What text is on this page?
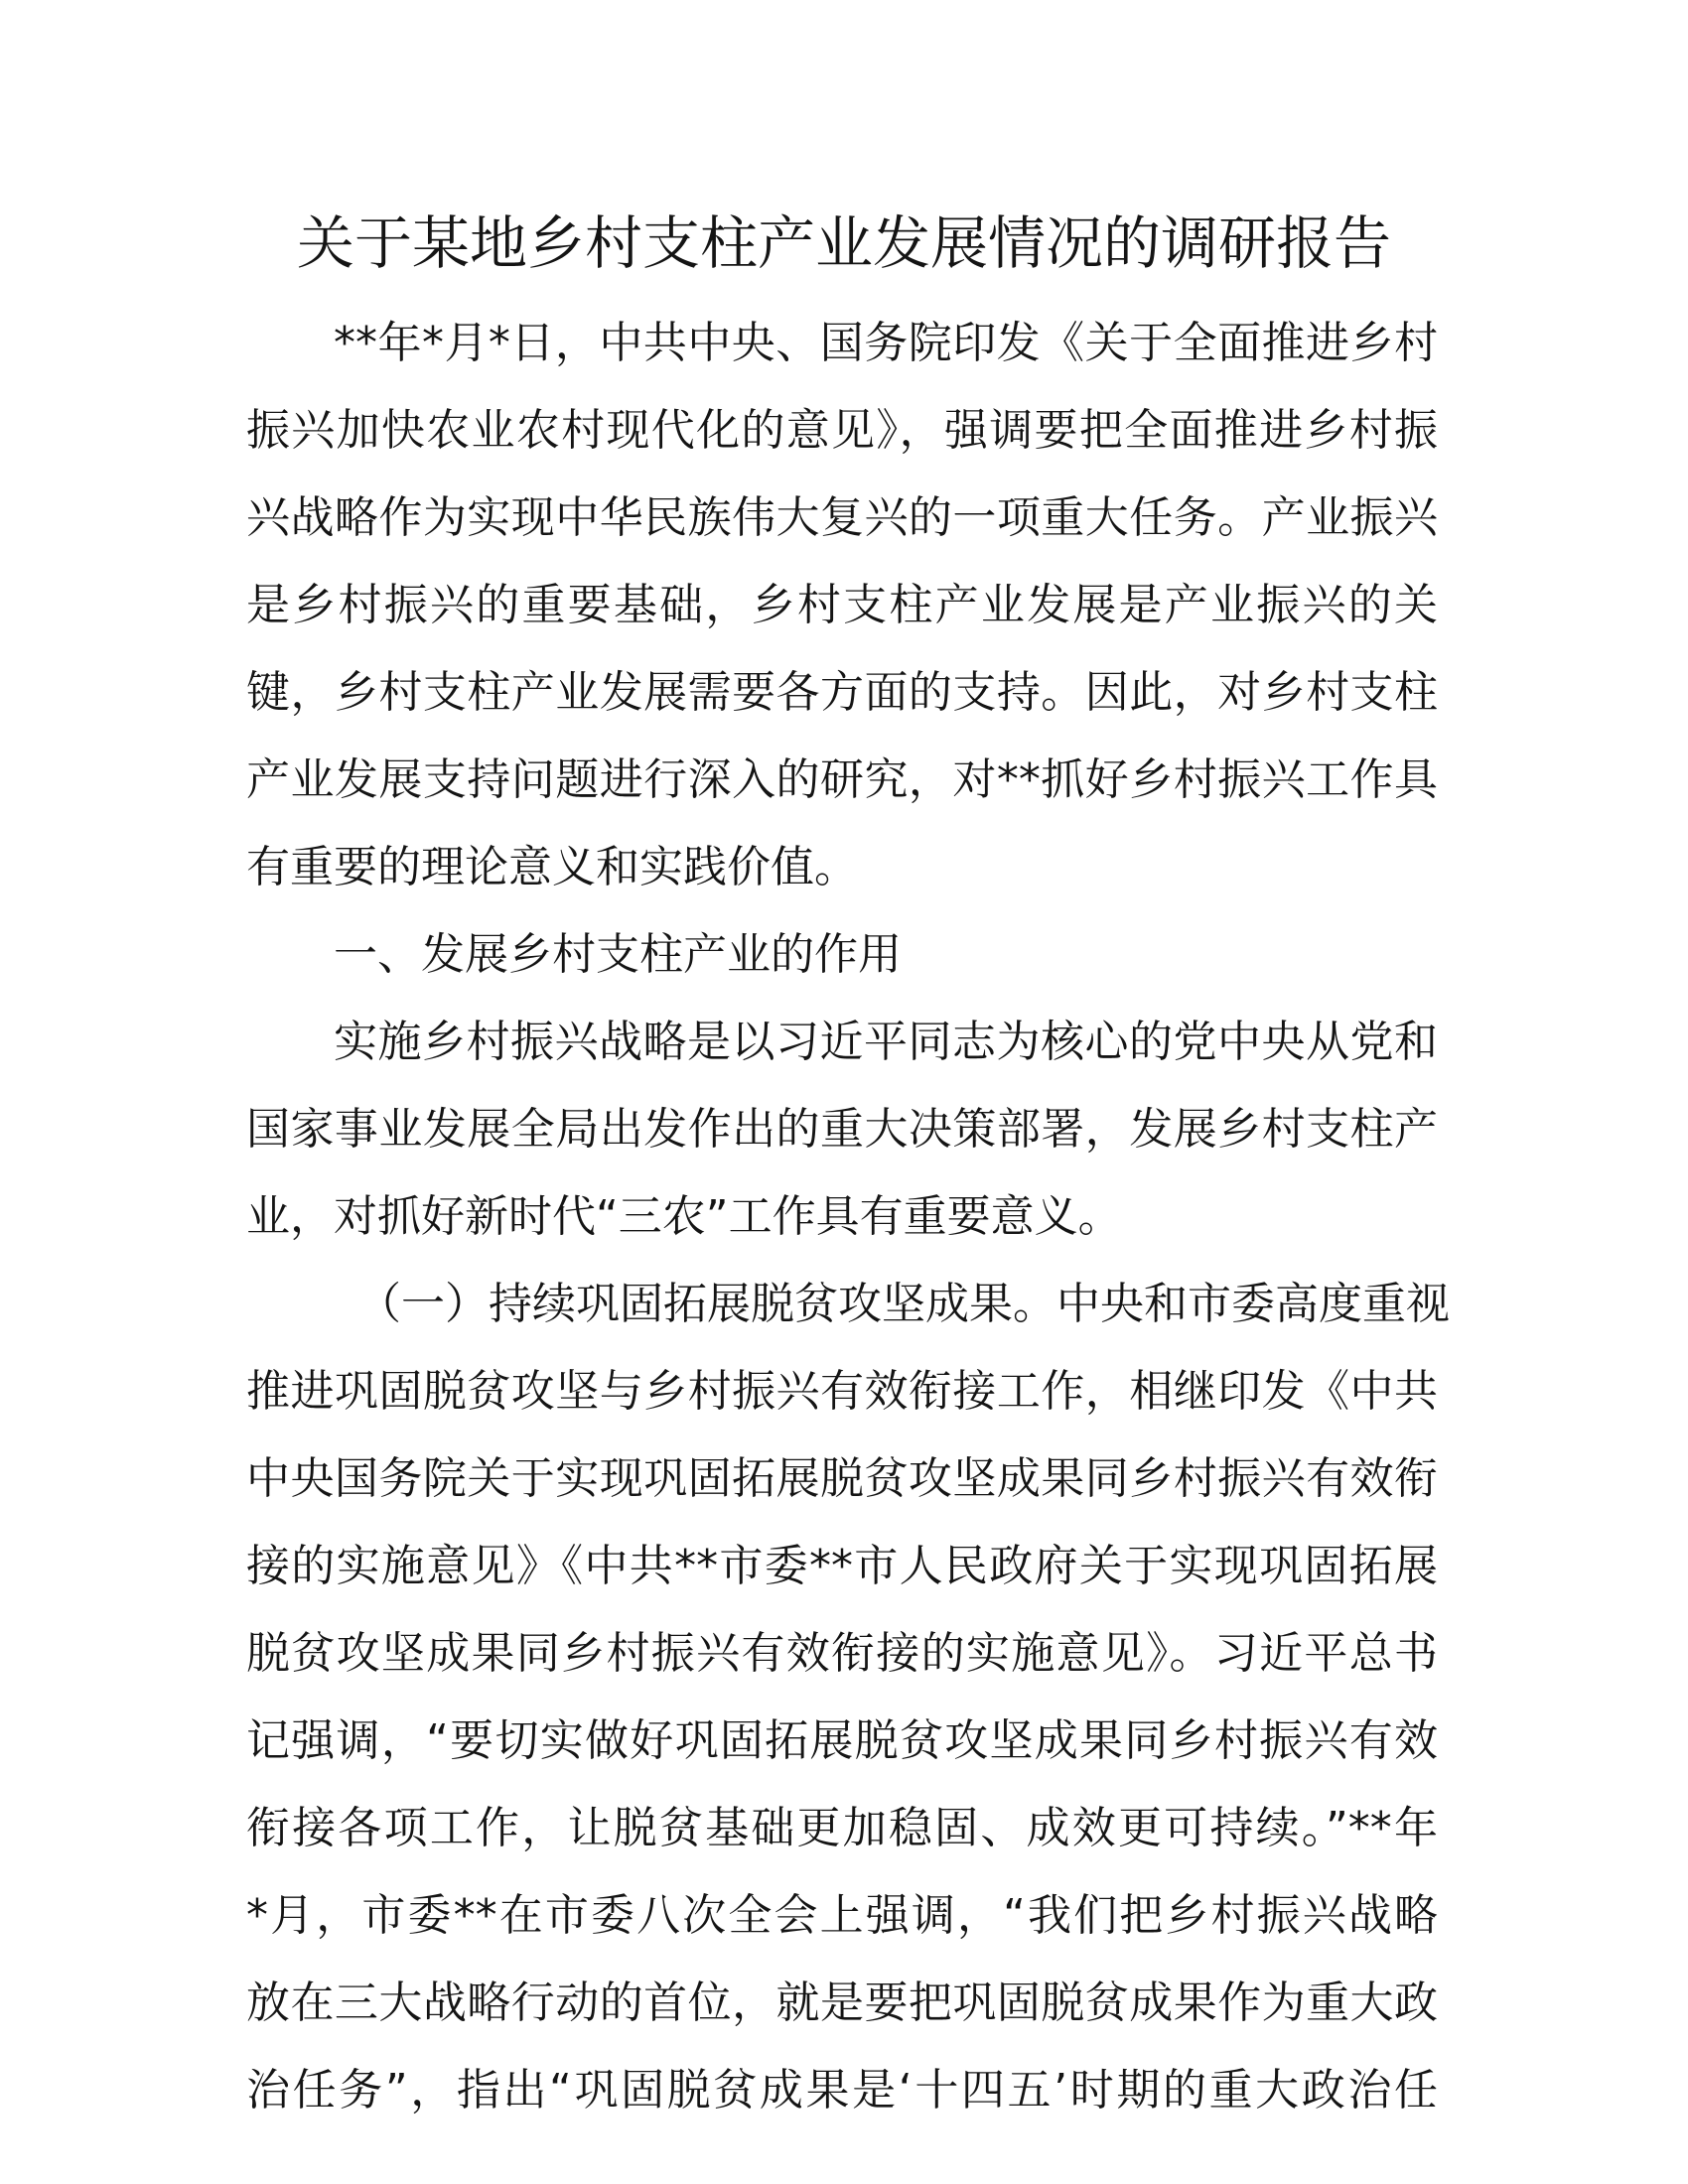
关于某地乡村支柱产业发展情况的调研报告

**年*月*日，中共中央、国务院印发《关于全面推进乡村

振兴加快农业农村现代化的意见》，强调要把全面推进乡村振

兴战略作为实现中华民族伟大复兴的一项重大任务。产业振兴

是乡村振兴的重要基础，乡村支柱产业发展是产业振兴的关

键，乡村支柱产业发展需要各方面的支持。因此，对乡村支柱

产业发展支持问题进行深入的研究，对**抓好乡村振兴工作具

有重要的理论意义和实践价值。

一、发展乡村支柱产业的作用

实施乡村振兴战略是以习近平同志为核心的党中央从党和

国家事业发展全局出发作出的重大决策部署，发展乡村支柱产

业，对抓好新时代“三农”工作具有重要意义。

（一）持续巩固拓展脱贫攻坚成果。中央和市委高度重视

推进巩固脱贫攻坚与乡村振兴有效衔接工作，相继印发《中共

中央国务院关于实现巩固拓展脱贫攻坚成果同乡村振兴有效衔

接的实施意见》《中共**市委**市人民政府关于实现巩固拓展

脱贫攻坚成果同乡村振兴有效衔接的实施意见》。习近平总书

记强调，“要切实做好巩固拓展脱贫攻坚成果同乡村振兴有效

衔接各项工作，让脱贫基础更加稳固、成效更可持续。”**年

*月，市委**在市委八次全会上强调，“我们把乡村振兴战略

放在三大战略行动的首位，就是要把巩固脱贫成果作为重大政

治任务”，指出“巩固脱贫成果是‘十四五’时期的重大政治任
